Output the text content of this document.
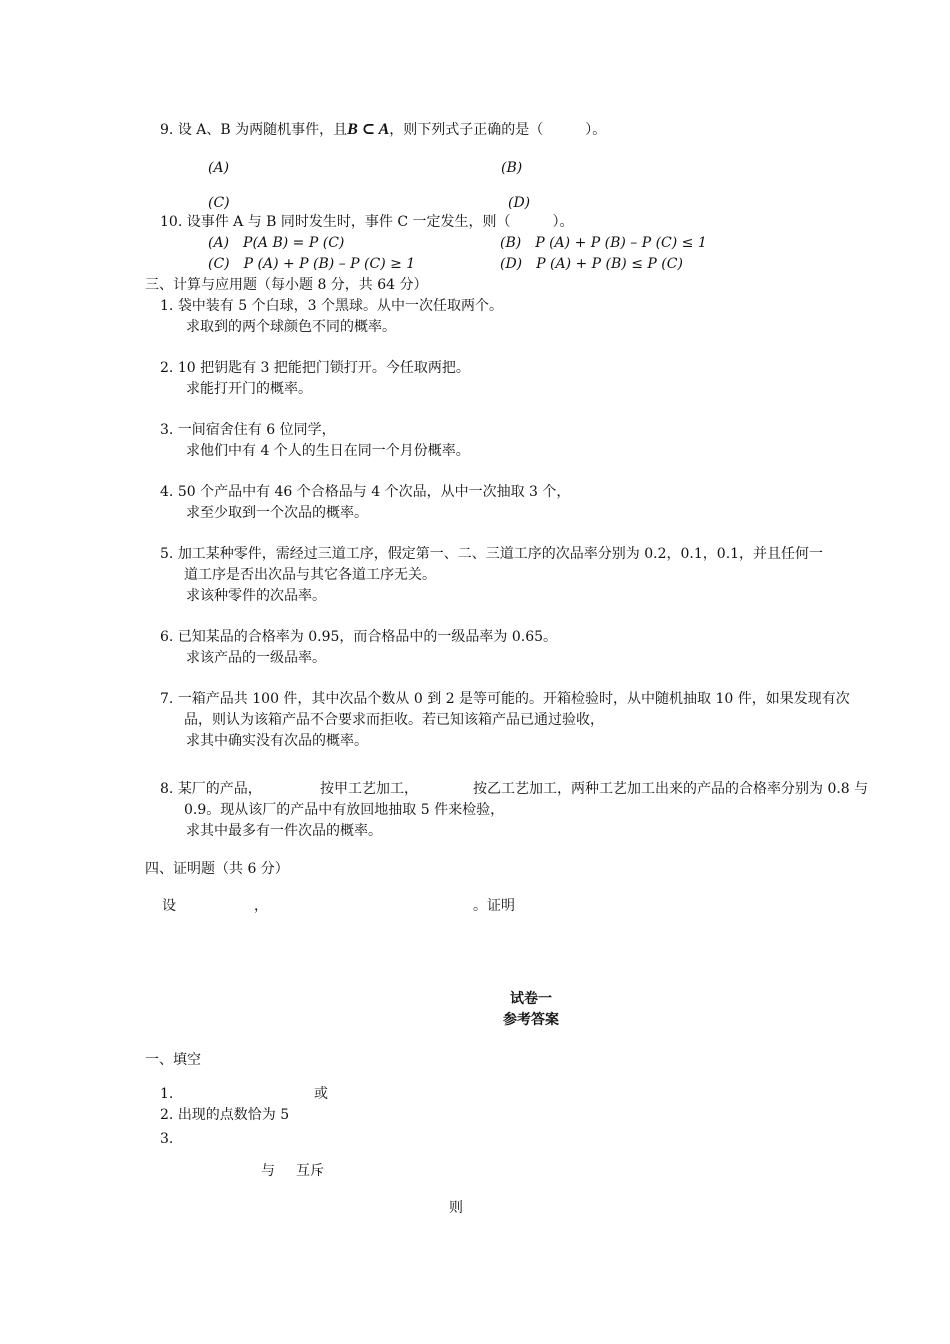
9. 设 A、B 为两随机事件，且B ⊂ A，则下列式子正确的是（　　　）。
(A)	(B)
(C)	(D)
10. 设事件 A 与 B 同时发生时，事件 C 一定发生，则（　　　）。
(A)　P(A B) = P (C)	(B)　P (A) + P (B) – P (C) ≤ 1
(C)　P (A) + P (B) – P (C) ≥ 1	(D)　P (A) + P (B) ≤ P (C)
三、计算与应用题（每小题 8 分，共 64 分）
1. 袋中装有 5 个白球，3 个黑球。从中一次任取两个。
求取到的两个球颜色不同的概率。
2. 10 把钥匙有 3 把能把门锁打开。今任取两把。
求能打开门的概率。
3. 一间宿舍住有 6 位同学，
求他们中有 4 个人的生日在同一个月份概率。
4. 50 个产品中有 46 个合格品与 4 个次品，从中一次抽取 3 个，
求至少取到一个次品的概率。
5. 加工某种零件，需经过三道工序，假定第一、二、三道工序的次品率分别为 0.2，0.1，0.1，并且任何一
道工序是否出次品与其它各道工序无关。
求该种零件的次品率。
6. 已知某品的合格率为 0.95，而合格品中的一级品率为 0.65。
求该产品的一级品率。
7. 一箱产品共 100 件，其中次品个数从 0 到 2 是等可能的。开箱检验时，从中随机抽取 10 件，如果发现有次
品，则认为该箱产品不合要求而拒收。若已知该箱产品已通过验收，
求其中确实没有次品的概率。
8. 某厂的产品，	按甲工艺加工，	按乙工艺加工，两种工艺加工出来的产品的合格率分别为 0.8 与
0.9。现从该厂的产品中有放回地抽取 5 件来检验，
求其中最多有一件次品的概率。
四、证明题（共 6 分）
设	，	。证明
试卷一
参考答案
一、填空
1.	或
2. 出现的点数恰为 5
3.
与 互斥
则
